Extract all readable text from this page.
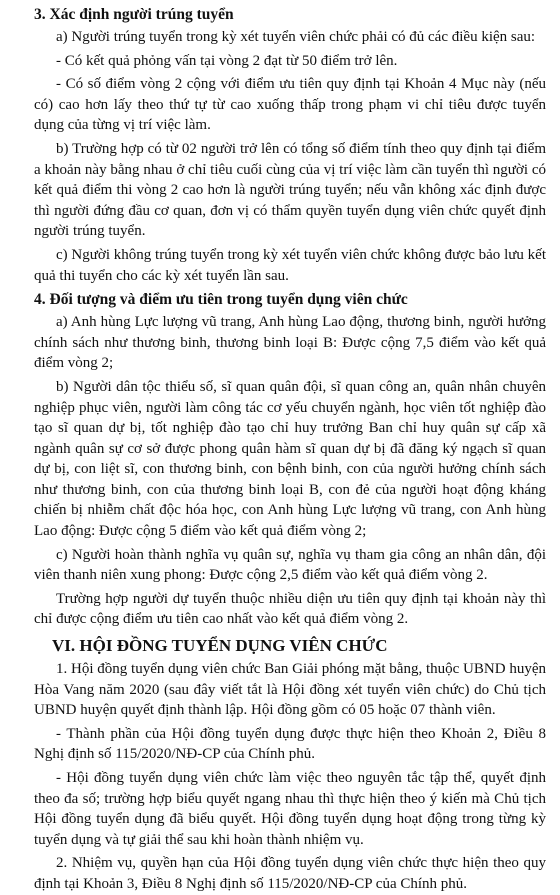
3. Xác định người trúng tuyển

a) Người trúng tuyển trong kỳ xét tuyển viên chức phải có đủ các điều kiện sau:

- Có kết quả phỏng vấn tại vòng 2 đạt từ 50 điểm trở lên.

- Có số điểm vòng 2 cộng với điểm ưu tiên quy định tại Khoản 4 Mục này (nếu có) cao hơn lấy theo thứ tự từ cao xuống thấp trong phạm vi chỉ tiêu được tuyển dụng của từng vị trí việc làm.

b) Trường hợp có từ 02 người trở lên có tổng số điểm tính theo quy định tại điểm a khoản này bằng nhau ở chỉ tiêu cuối cùng của vị trí việc làm cần tuyển thì người có kết quả điểm thi vòng 2 cao hơn là người trúng tuyển; nếu vẫn không xác định được thì người đứng đầu cơ quan, đơn vị có thẩm quyền tuyển dụng viên chức quyết định người trúng tuyển.

c) Người không trúng tuyển trong kỳ xét tuyển viên chức không được bảo lưu kết quả thi tuyển cho các kỳ xét tuyển lần sau.

4. Đối tượng và điểm ưu tiên trong tuyển dụng viên chức

a) Anh hùng Lực lượng vũ trang, Anh hùng Lao động, thương binh, người hưởng chính sách như thương binh, thương binh loại B: Được cộng 7,5 điểm vào kết quả điểm vòng 2;

b) Người dân tộc thiểu số, sĩ quan quân đội, sĩ quan công an, quân nhân chuyên nghiệp phục viên, người làm công tác cơ yếu chuyển ngành, học viên tốt nghiệp đào tạo sĩ quan dự bị, tốt nghiệp đào tạo chỉ huy trưởng Ban chỉ huy quân sự cấp xã ngành quân sự cơ sở được phong quân hàm sĩ quan dự bị đã đăng ký ngạch sĩ quan dự bị, con liệt sĩ, con thương binh, con bệnh binh, con của người hưởng chính sách như thương binh, con của thương binh loại B, con đẻ của người hoạt động kháng chiến bị nhiễm chất độc hóa học, con Anh hùng Lực lượng vũ trang, con Anh hùng Lao động: Được cộng 5 điểm vào kết quả điểm vòng 2;

c) Người hoàn thành nghĩa vụ quân sự, nghĩa vụ tham gia công an nhân dân, đội viên thanh niên xung phong: Được cộng 2,5 điểm vào kết quả điểm vòng 2.

Trường hợp người dự tuyển thuộc nhiều diện ưu tiên quy định tại khoản này thì chỉ được cộng điểm ưu tiên cao nhất vào kết quả điểm vòng 2.

VI. HỘI ĐỒNG TUYỂN DỤNG VIÊN CHỨC

1. Hội đồng tuyển dụng viên chức Ban Giải phóng mặt bằng, thuộc UBND huyện Hòa Vang năm 2020 (sau đây viết tắt là Hội đồng xét tuyển viên chức) do Chủ tịch UBND huyện quyết định thành lập. Hội đồng gồm có 05 hoặc 07 thành viên.

- Thành phần của Hội đồng tuyển dụng được thực hiện theo Khoản 2, Điều 8 Nghị định số 115/2020/NĐ-CP của Chính phủ.

- Hội đồng tuyển dụng viên chức làm việc theo nguyên tắc tập thể, quyết định theo đa số; trường hợp biểu quyết ngang nhau thì thực hiện theo ý kiến mà Chủ tịch Hội đồng tuyển dụng đã biểu quyết. Hội đồng tuyển dụng hoạt động trong từng kỳ tuyển dụng và tự giải thể sau khi hoàn thành nhiệm vụ.

2. Nhiệm vụ, quyền hạn của Hội đồng tuyển dụng viên chức thực hiện theo quy định tại Khoản 3, Điều 8 Nghị định số 115/2020/NĐ-CP của Chính phủ.
